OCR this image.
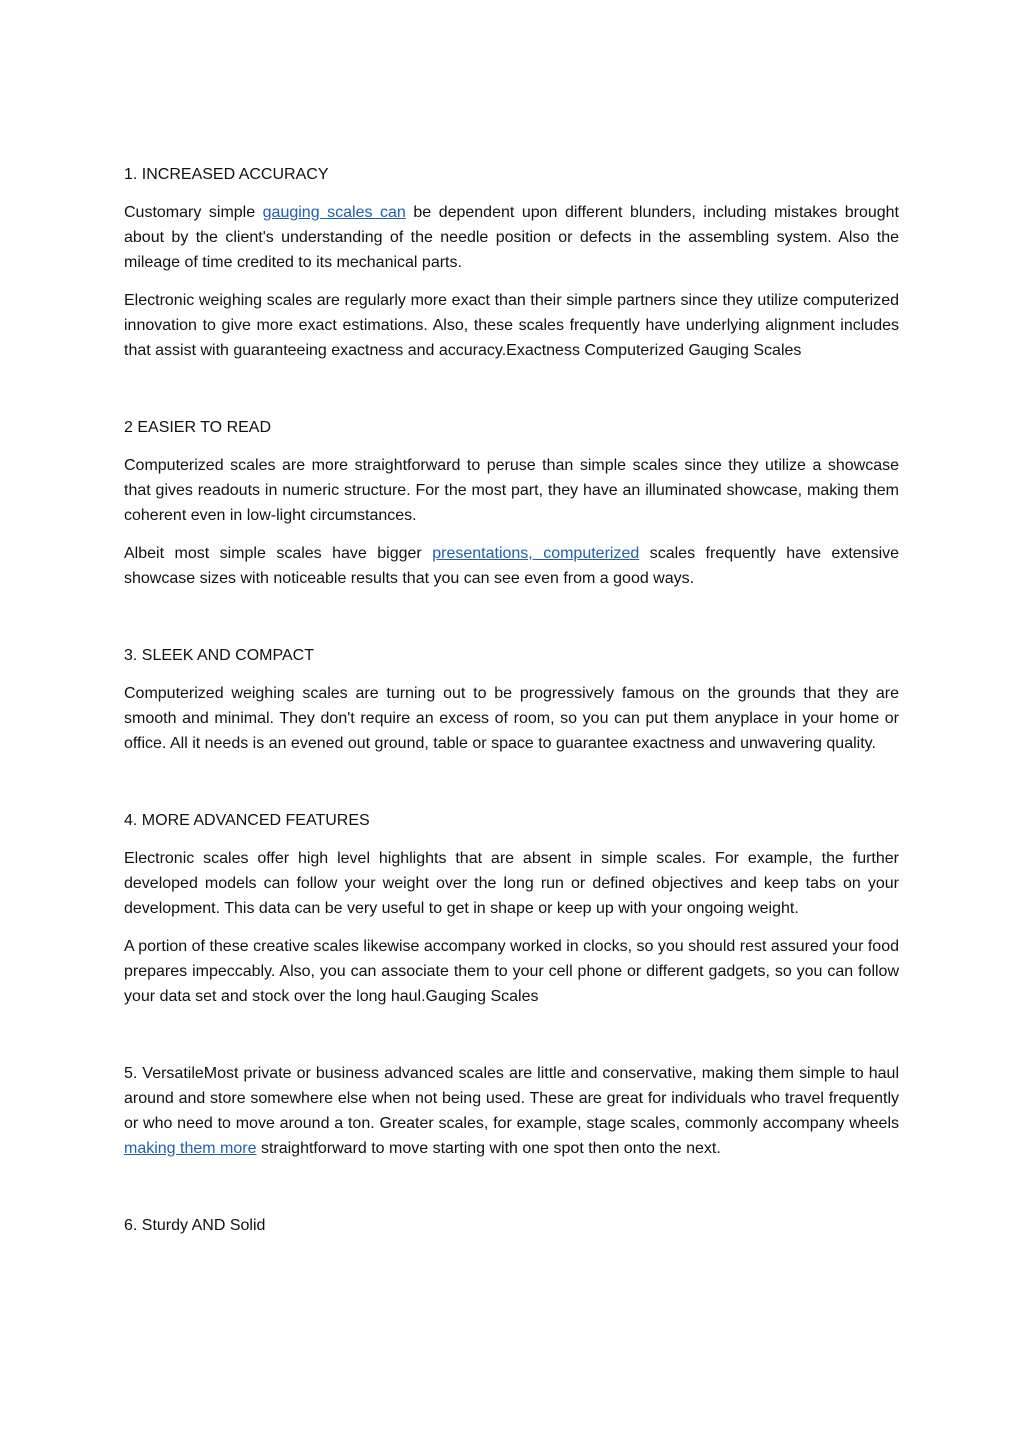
1. INCREASED ACCURACY

Customary simple gauging scales can be dependent upon different blunders, including mistakes brought about by the client's understanding of the needle position or defects in the assembling system. Also the mileage of time credited to its mechanical parts.

Electronic weighing scales are regularly more exact than their simple partners since they utilize computerized innovation to give more exact estimations. Also, these scales frequently have underlying alignment includes that assist with guaranteeing exactness and accuracy.Exactness Computerized Gauging Scales

2 EASIER TO READ

Computerized scales are more straightforward to peruse than simple scales since they utilize a showcase that gives readouts in numeric structure. For the most part, they have an illuminated showcase, making them coherent even in low-light circumstances.

Albeit most simple scales have bigger presentations, computerized scales frequently have extensive showcase sizes with noticeable results that you can see even from a good ways.

3. SLEEK AND COMPACT

Computerized weighing scales are turning out to be progressively famous on the grounds that they are smooth and minimal. They don't require an excess of room, so you can put them anyplace in your home or office. All it needs is an evened out ground, table or space to guarantee exactness and unwavering quality.

4. MORE ADVANCED FEATURES

Electronic scales offer high level highlights that are absent in simple scales. For example, the further developed models can follow your weight over the long run or defined objectives and keep tabs on your development. This data can be very useful to get in shape or keep up with your ongoing weight.

A portion of these creative scales likewise accompany worked in clocks, so you should rest assured your food prepares impeccably. Also, you can associate them to your cell phone or different gadgets, so you can follow your data set and stock over the long haul.Gauging Scales

5. VersatileMost private or business advanced scales are little and conservative, making them simple to haul around and store somewhere else when not being used. These are great for individuals who travel frequently or who need to move around a ton. Greater scales, for example, stage scales, commonly accompany wheels making them more straightforward to move starting with one spot then onto the next.

6. Sturdy AND Solid
